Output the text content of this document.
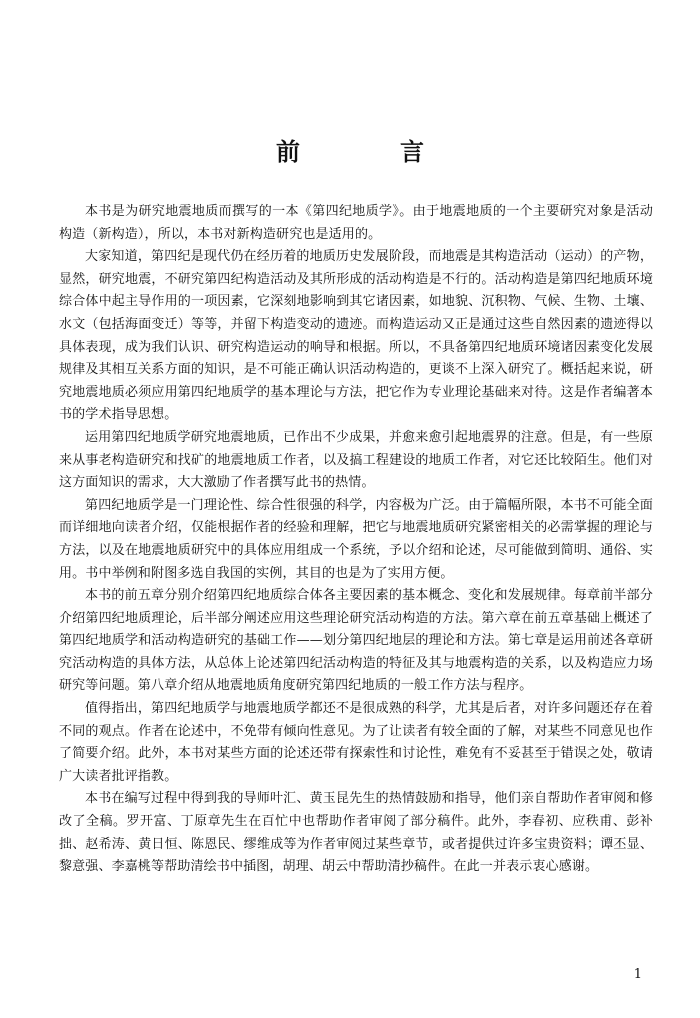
前　言

本书是为研究地震地质而撰写的一本《第四纪地质学》。由于地震地质的一个主要研究对象是活动构造（新构造），所以，本书对新构造研究也是适用的。

大家知道，第四纪是现代仍在经历着的地质历史发展阶段，而地震是其构造活动（运动）的产物，显然，研究地震，不研究第四纪构造活动及其所形成的活动构造是不行的。活动构造是第四纪地质环境综合体中起主导作用的一项因素，它深刻地影响到其它诸因素，如地貌、沉积物、气候、生物、土壤、水文（包括海面变迁）等等，并留下构造变动的遗迹。而构造运动又正是通过这些自然因素的遗迹得以具体表现，成为我们认识、研究构造运动的响导和根据。所以，不具备第四纪地质环境诸因素变化发展规律及其相互关系方面的知识，是不可能正确认识活动构造的，更谈不上深入研究了。概括起来说，研究地震地质必须应用第四纪地质学的基本理论与方法，把它作为专业理论基础来对待。这是作者编著本书的学术指导思想。

运用第四纪地质学研究地震地质，已作出不少成果，并愈来愈引起地震界的注意。但是，有一些原来从事老构造研究和找矿的地震地质工作者，以及搞工程建设的地质工作者，对它还比较陌生。他们对这方面知识的需求，大大激励了作者撰写此书的热情。

第四纪地质学是一门理论性、综合性很强的科学，内容极为广泛。由于篇幅所限，本书不可能全面而详细地向读者介绍，仅能根据作者的经验和理解，把它与地震地质研究紧密相关的必需掌握的理论与方法，以及在地震地质研究中的具体应用组成一个系统，予以介绍和论述，尽可能做到简明、通俗、实用。书中举例和附图多选自我国的实例，其目的也是为了实用方便。

本书的前五章分别介绍第四纪地质综合体各主要因素的基本概念、变化和发展规律。每章前半部分介绍第四纪地质理论，后半部分阐述应用这些理论研究活动构造的方法。第六章在前五章基础上概述了第四纪地质学和活动构造研究的基础工作——划分第四纪地层的理论和方法。第七章是运用前述各章研究活动构造的具体方法，从总体上论述第四纪活动构造的特征及其与地震构造的关系，以及构造应力场研究等问题。第八章介绍从地震地质角度研究第四纪地质的一般工作方法与程序。

值得指出，第四纪地质学与地震地质学都还不是很成熟的科学，尤其是后者，对许多问题还存在着不同的观点。作者在论述中，不免带有倾向性意见。为了让读者有较全面的了解，对某些不同意见也作了简要介绍。此外，本书对某些方面的论述还带有探索性和讨论性，难免有不妥甚至于错误之处，敬请广大读者批评指教。

本书在编写过程中得到我的导师叶汇、黄玉昆先生的热情鼓励和指导，他们亲自帮助作者审阅和修改了全稿。罗开富、丁原章先生在百忙中也帮助作者审阅了部分稿件。此外，李春初、应秩甫、彭补拙、赵希涛、黄日恒、陈恩民、缪维成等为作者审阅过某些章节，或者提供过许多宝贵资料；谭丕显、黎意强、李嘉桃等帮助清绘书中插图，胡理、胡云中帮助清抄稿件。在此一并表示衷心感谢。

1
